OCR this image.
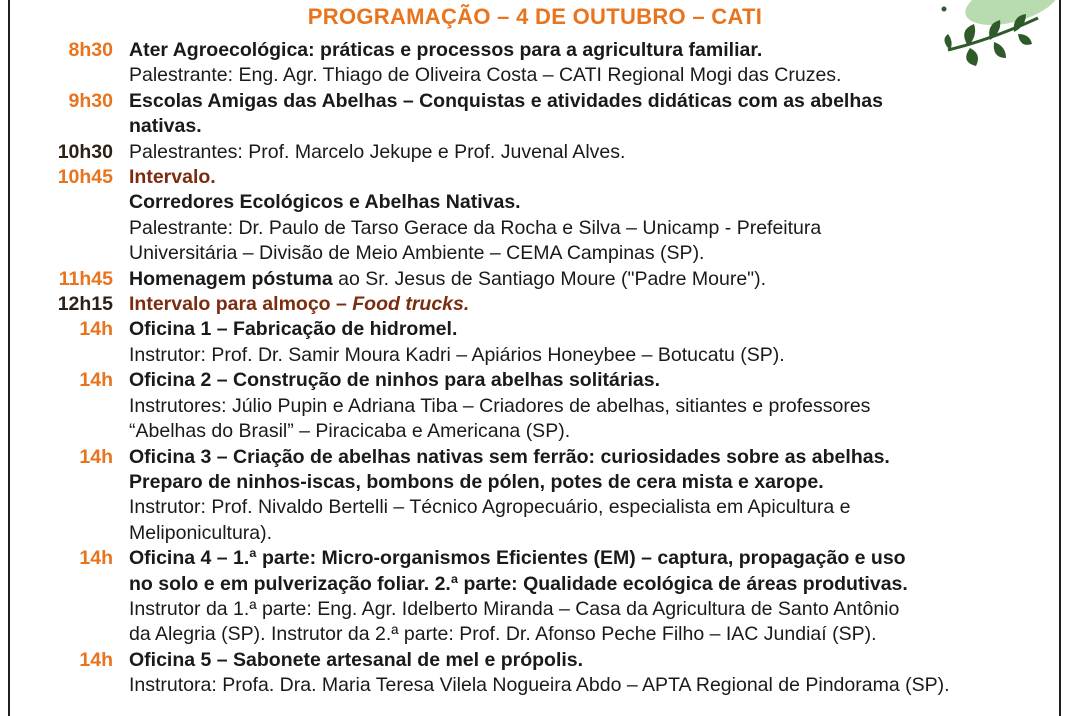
PROGRAMAÇÃO – 4 DE OUTUBRO – CATI
8h30 Ater Agroecológica: práticas e processos para a agricultura familiar.
Palestrante: Eng. Agr. Thiago de Oliveira Costa – CATI Regional Mogi das Cruzes.
9h30 Escolas Amigas das Abelhas – Conquistas e atividades didáticas com as abelhas
nativas.
10h30 Palestrantes: Prof. Marcelo Jekupe e Prof. Juvenal Alves.
10h45 Intervalo.
Corredores Ecológicos e Abelhas Nativas.
Palestrante: Dr. Paulo de Tarso Gerace da Rocha e Silva – Unicamp - Prefeitura
Universitária – Divisão de Meio Ambiente – CEMA Campinas (SP).
11h45 Homenagem póstuma ao Sr. Jesus de Santiago Moure ("Padre Moure").
12h15 Intervalo para almoço – Food trucks.
14h Oficina 1 – Fabricação de hidromel.
Instrutor: Prof. Dr. Samir Moura Kadri – Apiários Honeybee – Botucatu (SP).
14h Oficina 2 – Construção de ninhos para abelhas solitárias.
Instrutores: Júlio Pupin e Adriana Tiba – Criadores de abelhas, sitiantes e professores
“Abelhas do Brasil” – Piracicaba e Americana (SP).
14h Oficina 3 – Criação de abelhas nativas sem ferrão: curiosidades sobre as abelhas.
Preparo de ninhos-iscas, bombons de pólen, potes de cera mista e xarope.
Instrutor: Prof. Nivaldo Bertelli – Técnico Agropecuário, especialista em Apicultura e
Meliponicultura).
14h Oficina 4 – 1.ª parte: Micro-organismos Eficientes (EM) – captura, propagação e uso
no solo e em pulverização foliar. 2.ª parte: Qualidade ecológica de áreas produtivas.
Instrutor da 1.ª parte: Eng. Agr. Idelberto Miranda – Casa da Agricultura de Santo Antônio
da Alegria (SP). Instrutor da 2.ª parte: Prof. Dr. Afonso Peche Filho – IAC Jundiaí (SP).
14h Oficina 5 – Sabonete artesanal de mel e própolis.
Instrutora: Profa. Dra. Maria Teresa Vilela Nogueira Abdo – APTA Regional de Pindorama (SP).
